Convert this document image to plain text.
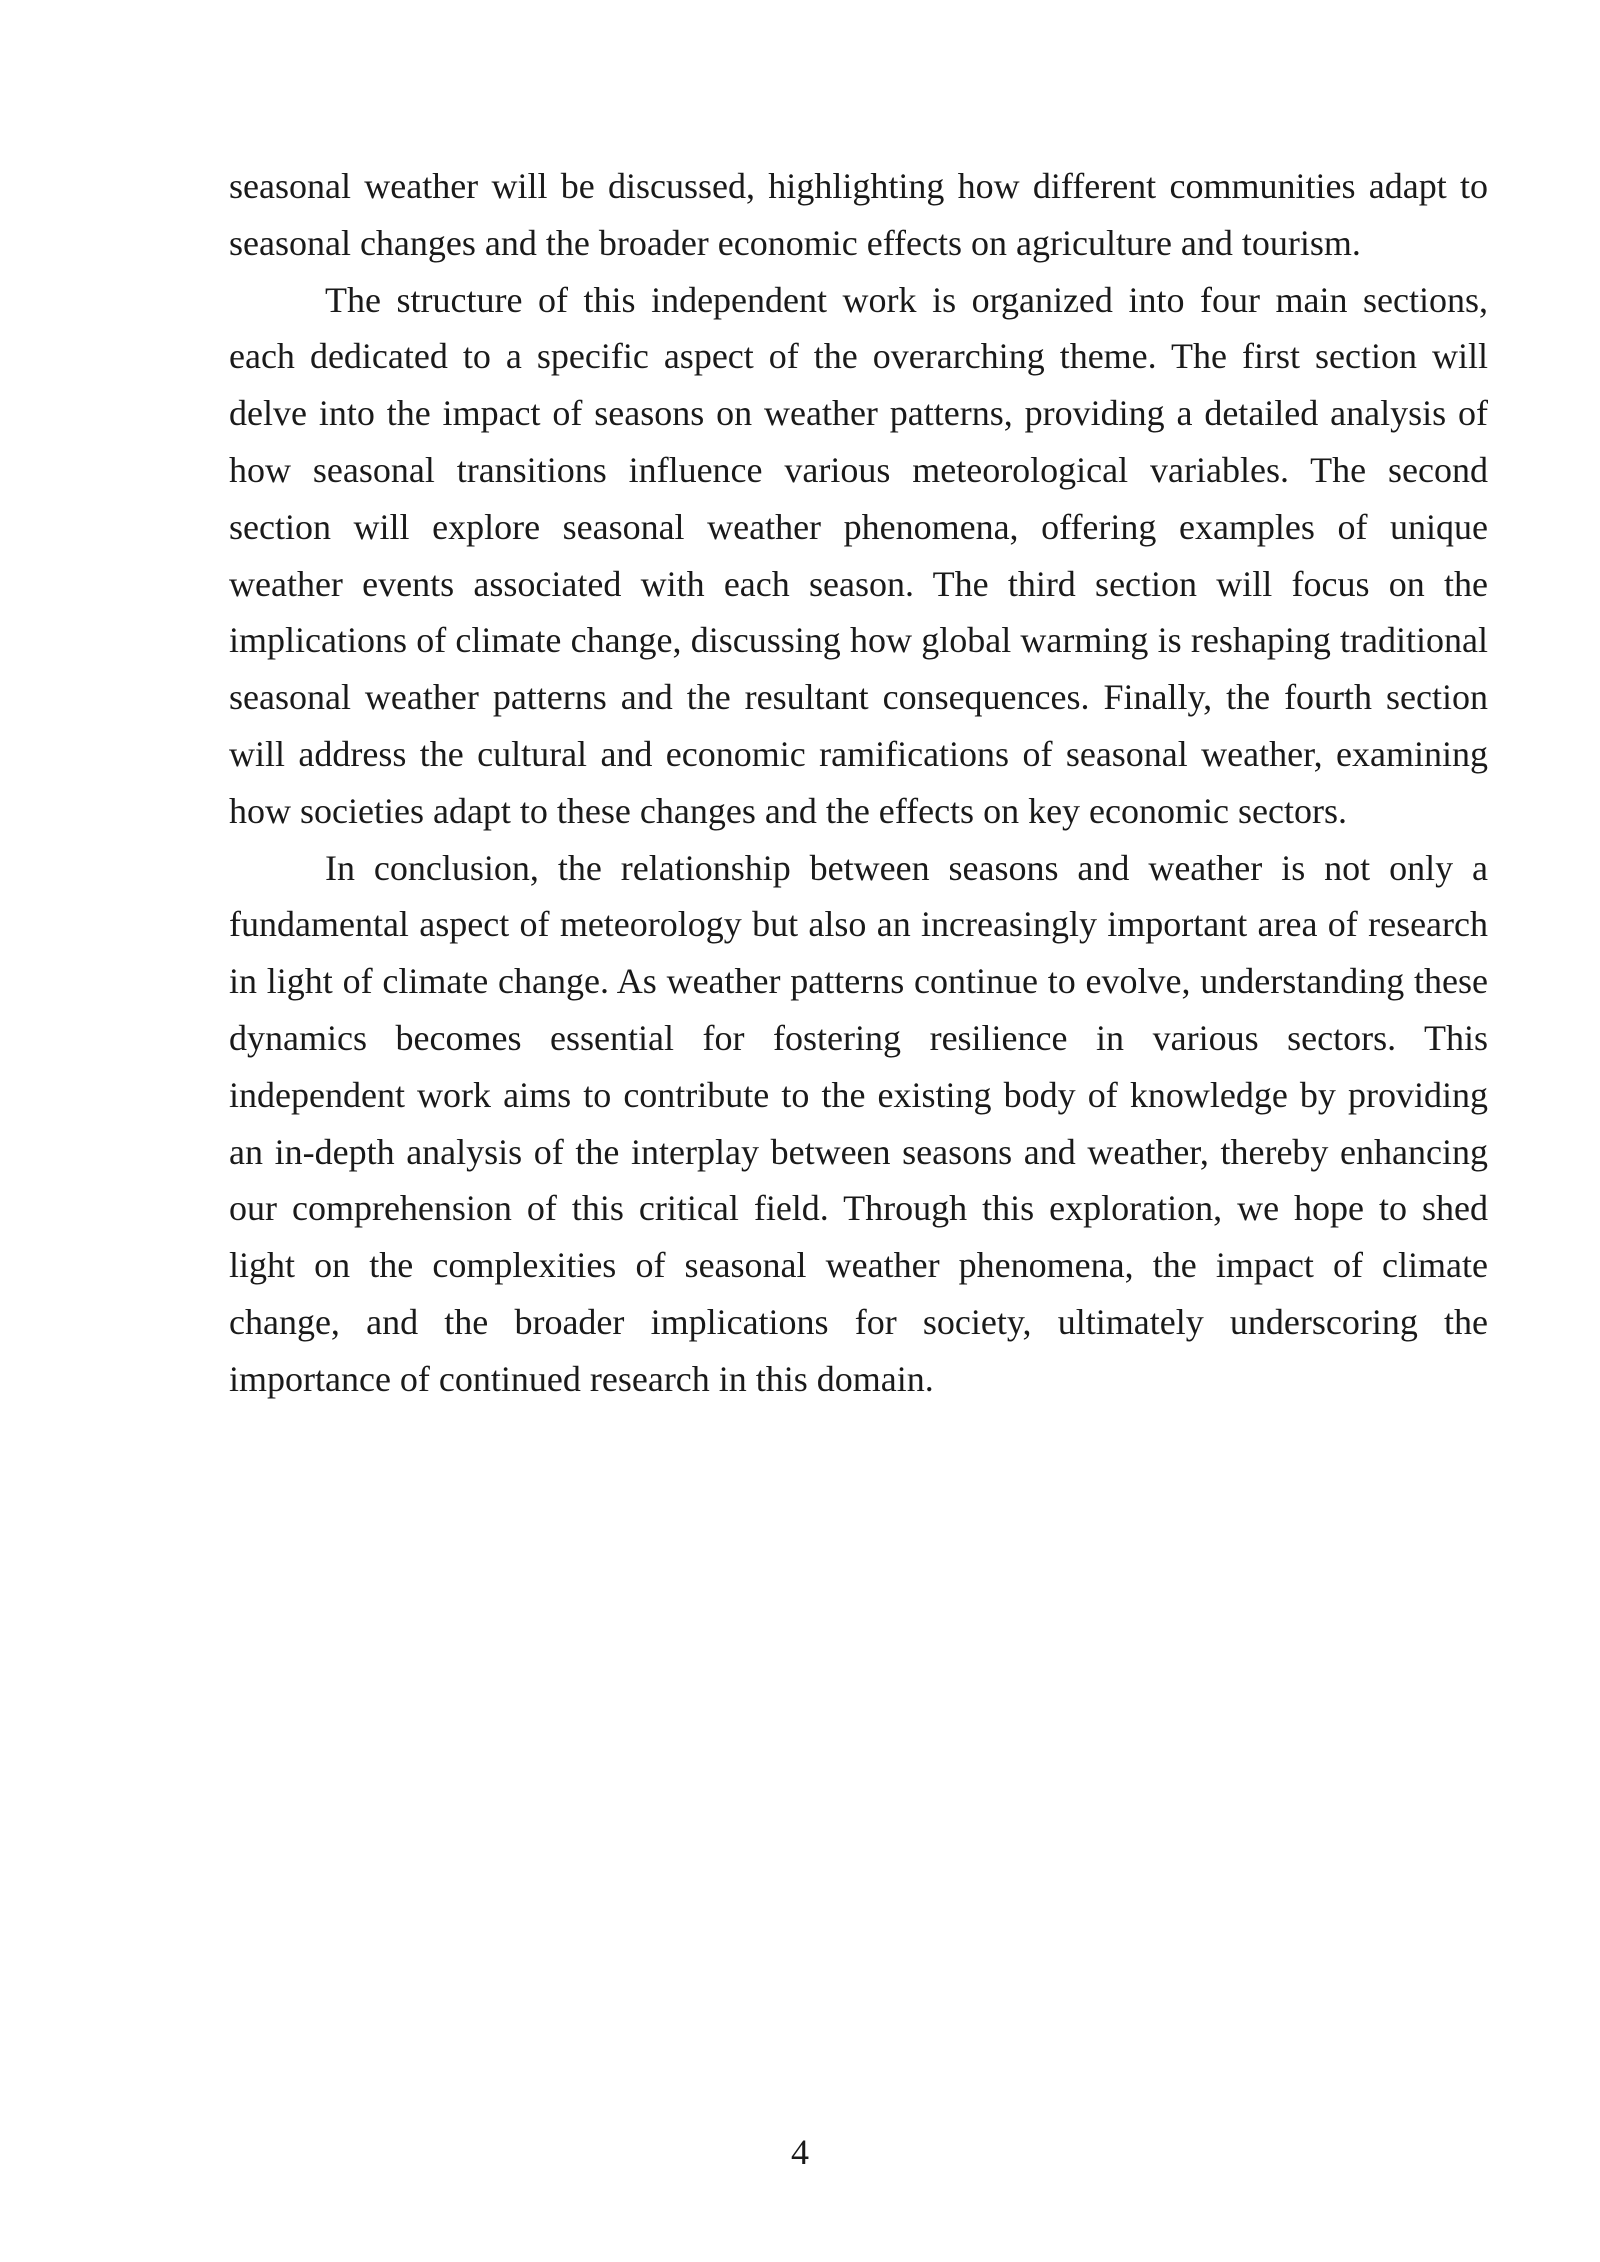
seasonal weather will be discussed, highlighting how different communities adapt to seasonal changes and the broader economic effects on agriculture and tourism.

The structure of this independent work is organized into four main sections, each dedicated to a specific aspect of the overarching theme. The first section will delve into the impact of seasons on weather patterns, providing a detailed analysis of how seasonal transitions influence various meteorological variables. The second section will explore seasonal weather phenomena, offering examples of unique weather events associated with each season. The third section will focus on the implications of climate change, discussing how global warming is reshaping traditional seasonal weather patterns and the resultant consequences. Finally, the fourth section will address the cultural and economic ramifications of seasonal weather, examining how societies adapt to these changes and the effects on key economic sectors.

In conclusion, the relationship between seasons and weather is not only a fundamental aspect of meteorology but also an increasingly important area of research in light of climate change. As weather patterns continue to evolve, understanding these dynamics becomes essential for fostering resilience in various sectors. This independent work aims to contribute to the existing body of knowledge by providing an in-depth analysis of the interplay between seasons and weather, thereby enhancing our comprehension of this critical field. Through this exploration, we hope to shed light on the complexities of seasonal weather phenomena, the impact of climate change, and the broader implications for society, ultimately underscoring the importance of continued research in this domain.

4
